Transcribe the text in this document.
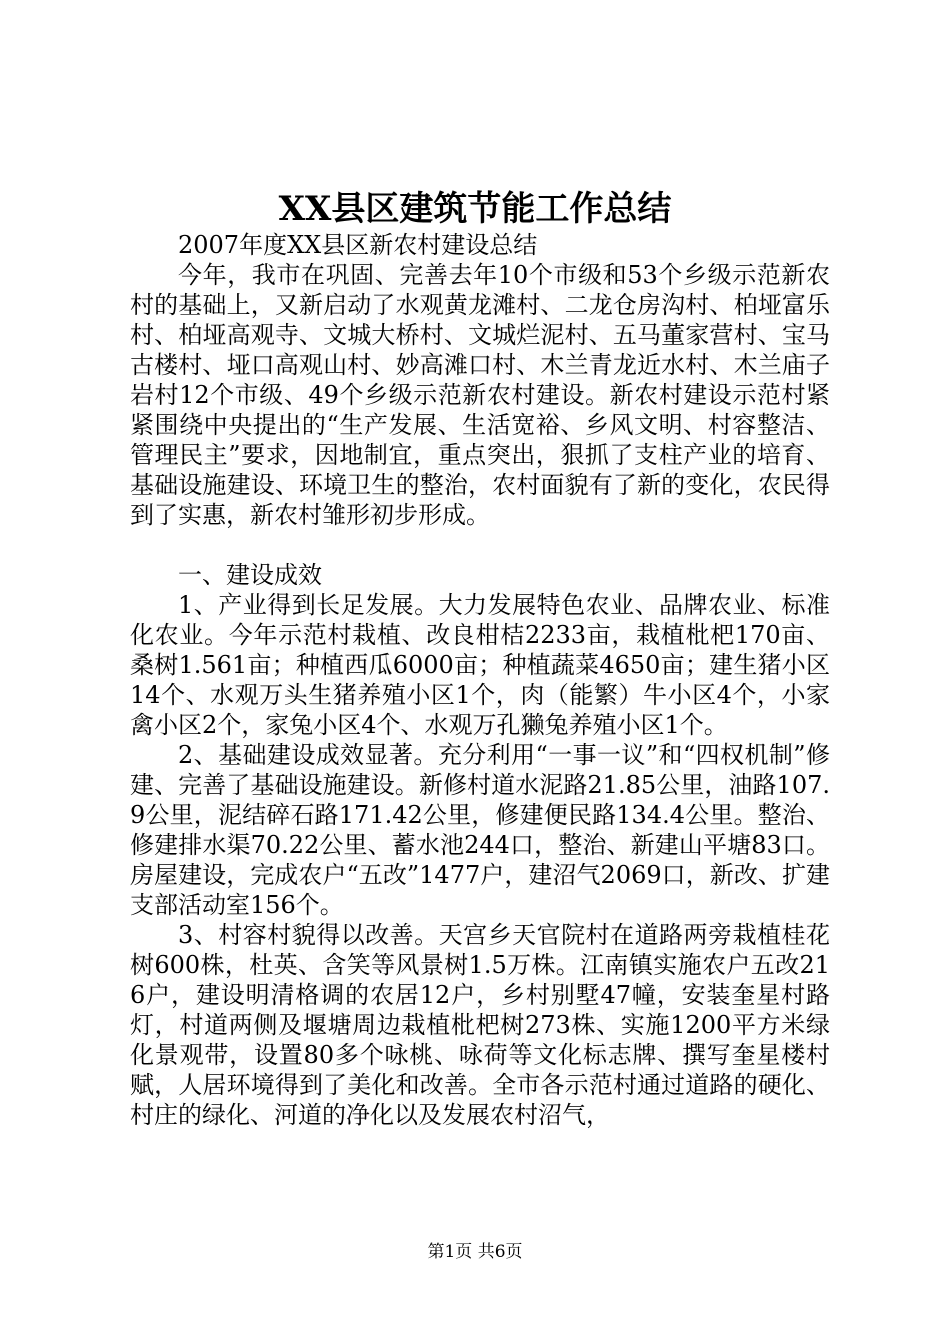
XX县区建筑节能工作总结

2007年度XX县区新农村建设总结

今年，我市在巩固、完善去年10个市级和53个乡级示范新农村的基础上，又新启动了水观黄龙滩村、二龙仓房沟村、柏垭富乐村、柏垭高观寺、文城大桥村、文城烂泥村、五马董家营村、宝马古楼村、垭口高观山村、妙高滩口村、木兰青龙近水村、木兰庙子岩村12个市级、49个乡级示范新农村建设。新农村建设示范村紧紧围绕中央提出的“生产发展、生活宽裕、乡风文明、村容整洁、管理民主”要求，因地制宜，重点突出，狠抓了支柱产业的培育、基础设施建设、环境卫生的整治，农村面貌有了新的变化，农民得到了实惠，新农村雏形初步形成。

一、建设成效

1、产业得到长足发展。大力发展特色农业、品牌农业、标准化农业。今年示范村栽植、改良柑桔2233亩，栽植枇杷170亩、桑树1.561亩；种植西瓜6000亩；种植蔬菜4650亩；建生猪小区14个、水观万头生猪养殖小区1个，肉（能繁）牛小区4个，小家禽小区2个，家兔小区4个、水观万孔獭兔养殖小区1个。

2、基础建设成效显著。充分利用“一事一议”和“四权机制”修建、完善了基础设施建设。新修村道水泥路21.85公里，油路107.9公里，泥结碎石路171.42公里，修建便民路134.4公里。整治、修建排水渠70.22公里、蓄水池244口，整治、新建山平塘83口。房屋建设，完成农户“五改”1477户，建沼气2069口，新改、扩建支部活动室156个。

3、村容村貌得以改善。天宫乡天官院村在道路两旁栽植桂花树600株，杜英、含笑等风景树1.5万株。江南镇实施农户五改216户，建设明清格调的农居12户，乡村别墅47幢，安装奎星村路灯，村道两侧及堰塘周边栽植枇杷树273株、实施1200平方米绿化景观带，设置80多个咏桃、咏荷等文化标志牌、撰写奎星楼村赋，人居环境得到了美化和改善。全市各示范村通过道路的硬化、村庄的绿化、河道的净化以及发展农村沼气，

第1页 共6页
